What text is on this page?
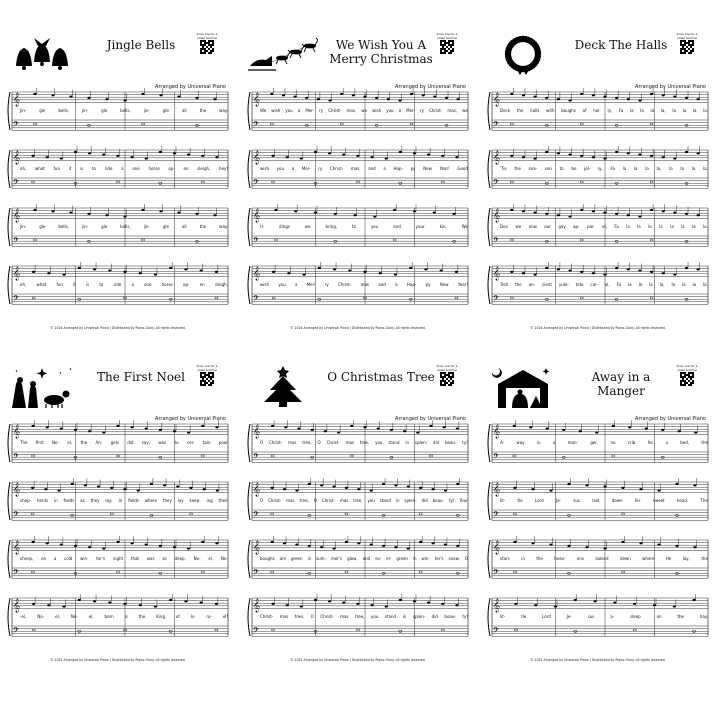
Jingle Bells
Scan me for a video tutorial
Arranged by Universal Piano
𝄞
𝄢
Jin-	gle	bells,	jin-	gle	bells,	jin-	gle	all	the	way.
𝄞
𝄢
oh, what fun it is to ride a one horse op- en sleigh, hey!
𝄞
𝄢
Jin-	gle	bells,	jin-	gle	bells,	jin-	gle	all	the	way.
𝄞
𝄢
oh,	what	fun	it	is	to	ride	a	one	horse	op-	en	sleigh.
© 2024 Arranged by Universal Piano | Distributed by Piano-Glory. All rights reserved.
We Wish You A Merry Christmas
Scan me for a video tutorial
Arranged by Universal Piano
𝄞
𝄢
We wish you a Mer- ry Christ- mas, we wish you a Mer- ry Christ- mas, we
𝄞
𝄢
wish you a Mer- ry Christ- mas, and a Hap- py New Year! Good
𝄞
𝄢
ti-	dings	we	bring,	to	you	and	your	kin.	We
𝄞
𝄢
wish you a Mer- ry Christ- mas and a Hap- py New Year!
© 2024 Arranged by Universal Piano | Distributed by Piano-Glory. All rights reserved.
Deck The Halls
Scan me for a video tutorial
Arranged by Universal Piano
𝄞
𝄢
Deck the halls with boughs of hol- ly, Fa la la la la, la la la la.
𝄞
𝄢
'Tis the sea- son to be jol- ly, Fa la la la la, la la la la.
𝄞
𝄢
Don we now our gay ap- par- el, Fa la la la la la la la la.
𝄞
𝄢
Troll the an- cient yule- tide car- ol, Fa la la la la, la la la la.
© 2024 Arranged by Universal Piano | Distributed by Piano-Glory. All rights reserved.
The First Noel
Scan me for a video tutorial
Arranged by Universal Piano
𝄞
𝄢
The first No- el, the An- gels did say, was to cer- tain poor
𝄞
𝄢
shep- herds in fields as they lay; In fields where they lay keep- ing their
𝄞
𝄢
sheep, on a cold win- ter's night that was so deep. No- el, No-
𝄞
𝄢
-el,	No-	el,	No-	el,	born	is	the	King	of	Is-	ra-	el!
© 2024 Arranged by Universal Piano | Distributed by Piano-Glory. All rights reserved.
O Christmas Tree
Scan me for a video tutorial
Arranged by Universal Piano
𝄞
𝄢
O Christ- mas tree, O Christ- mas tree, you stand in splen- did beau- ty!
𝄞
𝄢
O Christ- mas tree, O Christ- mas tree, you stand in splen- did beau- ty! Your
𝄞
𝄢
boughs are green in sum- mer's glow, and ev- er- green in win- ter's snow. O
𝄞
𝄢
Christ- mas tree, O Christ- mas tree, you stand in splen- did beau- ty!
© 2024 Arranged by Universal Piano | Distributed by Piano-Glory. All rights reserved.
Away in a Manger
Scan me for a video tutorial
Arranged by Universal Piano
𝄞
𝄢
A-	way	in	a	man-	ger,	no	crib	for	a	bed,	the
𝄞
𝄢
lit-	tle	Lord	Je-	sus	laid	down	his	sweet	head.	The
𝄞
𝄢
stars	in	the	heav-	ens	looked	down	where	He	lay,	the
𝄞
𝄢
lit-	tle	Lord	Je-	sus	a-	sleep	on	the	hay.
© 2024 Arranged by Universal Piano | Distributed by Piano-Glory. All rights reserved.
